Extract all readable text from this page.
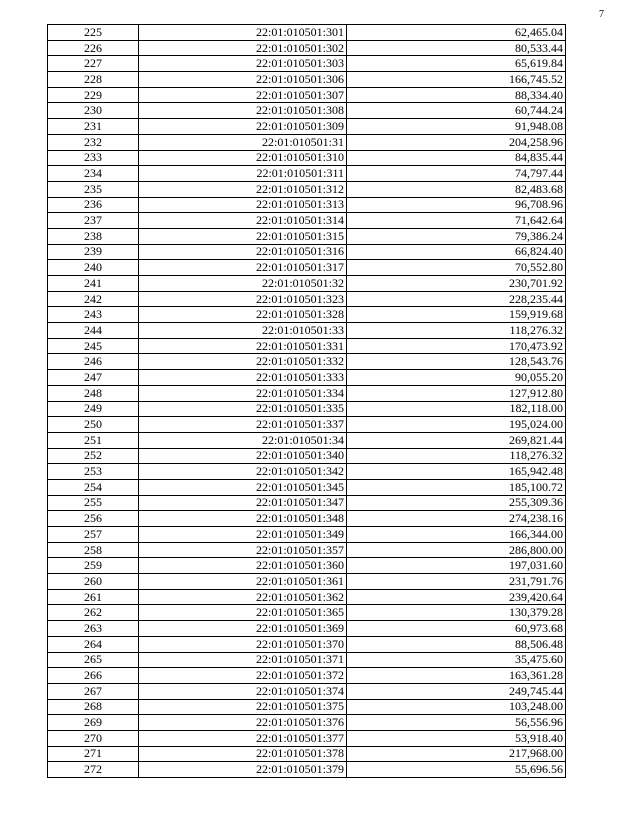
7
225	22:01:010501:301	62,465.04
226	22:01:010501:302	80,533.44
227	22:01:010501:303	65,619.84
228	22:01:010501:306	166,745.52
229	22:01:010501:307	88,334.40
230	22:01:010501:308	60,744.24
231	22:01:010501:309	91,948.08
232	22:01:010501:31	204,258.96
233	22:01:010501:310	84,835.44
234	22:01:010501:311	74,797.44
235	22:01:010501:312	82,483.68
236	22:01:010501:313	96,708.96
237	22:01:010501:314	71,642.64
238	22:01:010501:315	79,386.24
239	22:01:010501:316	66,824.40
240	22:01:010501:317	70,552.80
241	22:01:010501:32	230,701.92
242	22:01:010501:323	228,235.44
243	22:01:010501:328	159,919.68
244	22:01:010501:33	118,276.32
245	22:01:010501:331	170,473.92
246	22:01:010501:332	128,543.76
247	22:01:010501:333	90,055.20
248	22:01:010501:334	127,912.80
249	22:01:010501:335	182,118.00
250	22:01:010501:337	195,024.00
251	22:01:010501:34	269,821.44
252	22:01:010501:340	118,276.32
253	22:01:010501:342	165,942.48
254	22:01:010501:345	185,100.72
255	22:01:010501:347	255,309.36
256	22:01:010501:348	274,238.16
257	22:01:010501:349	166,344.00
258	22:01:010501:357	286,800.00
259	22:01:010501:360	197,031.60
260	22:01:010501:361	231,791.76
261	22:01:010501:362	239,420.64
262	22:01:010501:365	130,379.28
263	22:01:010501:369	60,973.68
264	22:01:010501:370	88,506.48
265	22:01:010501:371	35,475.60
266	22:01:010501:372	163,361.28
267	22:01:010501:374	249,745.44
268	22:01:010501:375	103,248.00
269	22:01:010501:376	56,556.96
270	22:01:010501:377	53,918.40
271	22:01:010501:378	217,968.00
272	22:01:010501:379	55,696.56
